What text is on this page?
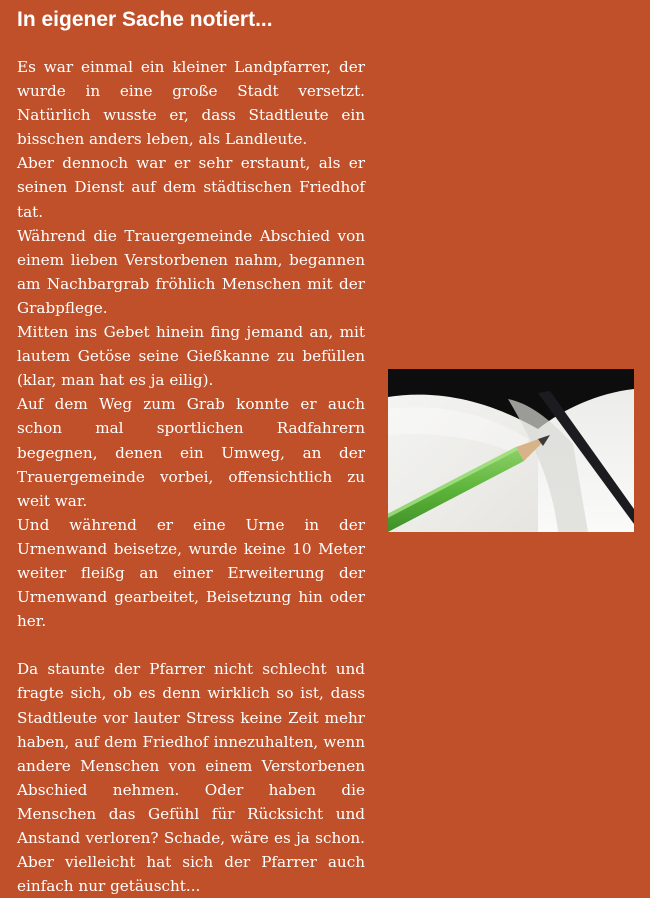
In eigener Sache notiert...

Es war einmal ein kleiner Landpfarrer, der wurde in eine große Stadt versetzt. Natürlich wusste er, dass Stadtleute ein bisschen anders leben, als Landleute.

Aber dennoch war er sehr erstaunt, als er seinen Dienst auf dem städtischen Friedhof tat.

Während die Trauergemeinde Abschied von einem lieben Verstorbenen nahm, begannen am Nachbargrab fröhlich Menschen mit der Grabpflege.

Mitten ins Gebet hinein fing jemand an, mit lautem Getöse seine Gießkanne zu befüllen (klar, man hat es ja eilig).

Auf dem Weg zum Grab konnte er auch schon mal sportlichen Radfahrern begegnen, denen ein Umweg, an der Trauergemeinde vorbei, offensichtlich zu weit war.

Und während er eine Urne in der Urnenwand beisetze, wurde keine 10 Meter weiter fleißg an einer Erweiterung der Urnenwand gearbeitet, Beisetzung hin oder her.

Da staunte der Pfarrer nicht schlecht und fragte sich, ob es denn wirklich so ist, dass Stadtleute vor lauter Stress keine Zeit mehr haben, auf dem Friedhof innezuhalten, wenn andere Menschen von einem Verstorbenen Abschied nehmen. Oder haben die Menschen das Gefühl für Rücksicht und Anstand verloren? Schade, wäre es ja schon. Aber vielleicht hat sich der Pfarrer auch einfach nur getäuscht...
